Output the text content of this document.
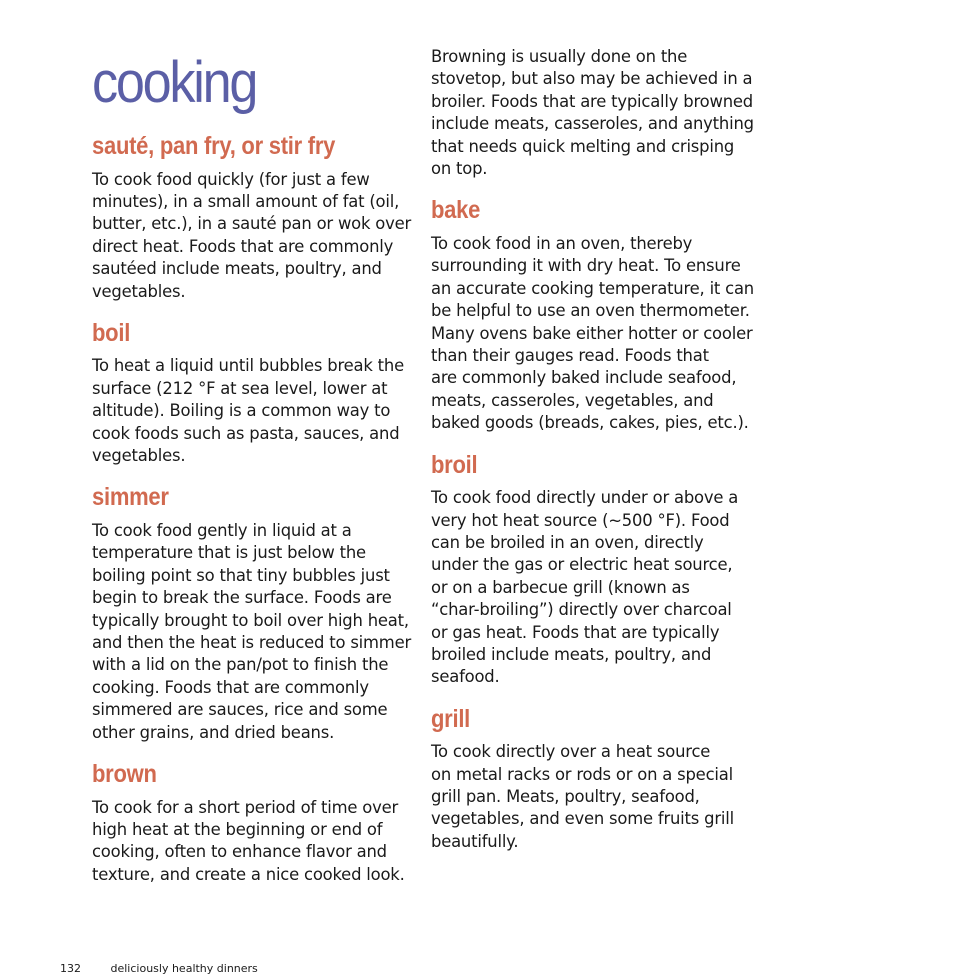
cooking
sauté, pan fry, or stir fry

To cook food quickly (for just a few
minutes), in a small amount of fat (oil,
butter, etc.), in a sauté pan or wok over
direct heat. Foods that are commonly
sautéed include meats, poultry, and
vegetables.

boil

To heat a liquid until bubbles break the
surface (212 °F at sea level, lower at
altitude). Boiling is a common way to
cook foods such as pasta, sauces, and
vegetables.

simmer

To cook food gently in liquid at a
temperature that is just below the
boiling point so that tiny bubbles just
begin to break the surface. Foods are
typically brought to boil over high heat,
and then the heat is reduced to simmer
with a lid on the pan/pot to finish the
cooking. Foods that are commonly
simmered are sauces, rice and some
other grains, and dried beans.

brown

To cook for a short period of time over
high heat at the beginning or end of
cooking, often to enhance flavor and
texture, and create a nice cooked look.

Browning is usually done on the
stovetop, but also may be achieved in a
broiler. Foods that are typically browned
include meats, casseroles, and anything
that needs quick melting and crisping
on top.

bake

To cook food in an oven, thereby
surrounding it with dry heat. To ensure
an accurate cooking temperature, it can
be helpful to use an oven thermometer.
Many ovens bake either hotter or cooler
than their gauges read. Foods that
are commonly baked include seafood,
meats, casseroles, vegetables, and
baked goods (breads, cakes, pies, etc.).

broil

To cook food directly under or above a
very hot heat source (~500 °F). Food
can be broiled in an oven, directly
under the gas or electric heat source,
or on a barbecue grill (known as
“char-broiling”) directly over charcoal
or gas heat. Foods that are typically
broiled include meats, poultry, and
seafood.

grill

To cook directly over a heat source
on metal racks or rods or on a special
grill pan. Meats, poultry, seafood,
vegetables, and even some fruits grill
beautifully.

132	deliciously healthy dinners
